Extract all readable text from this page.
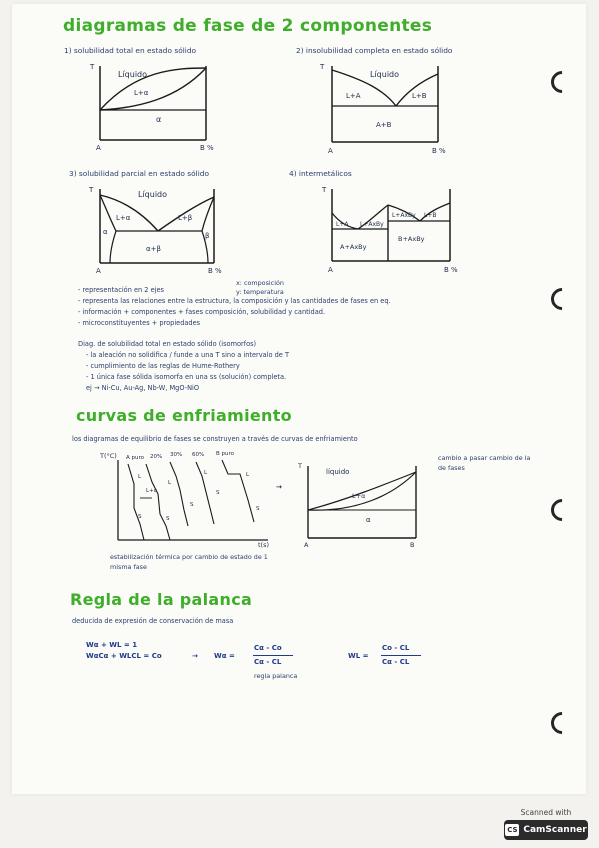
diagramas de fase de 2 componentes
1) solubilidad total en estado sólido
Líquido
L+α
α
T
A	B %
2) insolubilidad completa en estado sólido
Líquido
L+A	L+B
A+B
T
A	B %
3) solubilidad parcial en estado sólido
Líquido
L+α	L+β
α	β
α+β
T
A	B %
4) intermetálicos
L+A L+AxBy
L+AxBy L+B
A+AxBy
B+AxBy
T
A	B %
x: composición
y: temperatura
- representación en 2 ejes
- representa las relaciones entre la estructura, la composición y las cantidades de fases en eq.
- información + componentes + fases composición, solubilidad y cantidad.
- microconstituyentes + propiedades
Diag. de solubilidad total en estado sólido (isomorfos)
- la aleación no solidifica / funde a una T sino a intervalo de T
- cumplimiento de las reglas de Hume-Rothery
- 1 única fase sólida isomorfa en una ss (solución) completa.
ej → Ni-Cu, Au-Ag, Nb-W, MgO-NiO
curvas de enfriamiento
los diagramas de equilibrio de fases se construyen a través de curvas de enfriamiento
T(°C)
t(s)
A puro 20% 30% 60% B puro
L
L+α
S	S
S
S
S
L
L	L
→
líquido
L+α
α
T
A	B
cambio a pasar cambio de la de fases
estabilización térmica por cambio de estado de 1 misma fase
Regla de la palanca
deducida de expresión de conservación de masa
Wα + WL = 1
WαCα + WLCL = Co	→ Wα =
Cα - Co
Cα - CL
WL =
Co - CL
Cα - CL
regla palanca
Scanned with
CS CamScanner
